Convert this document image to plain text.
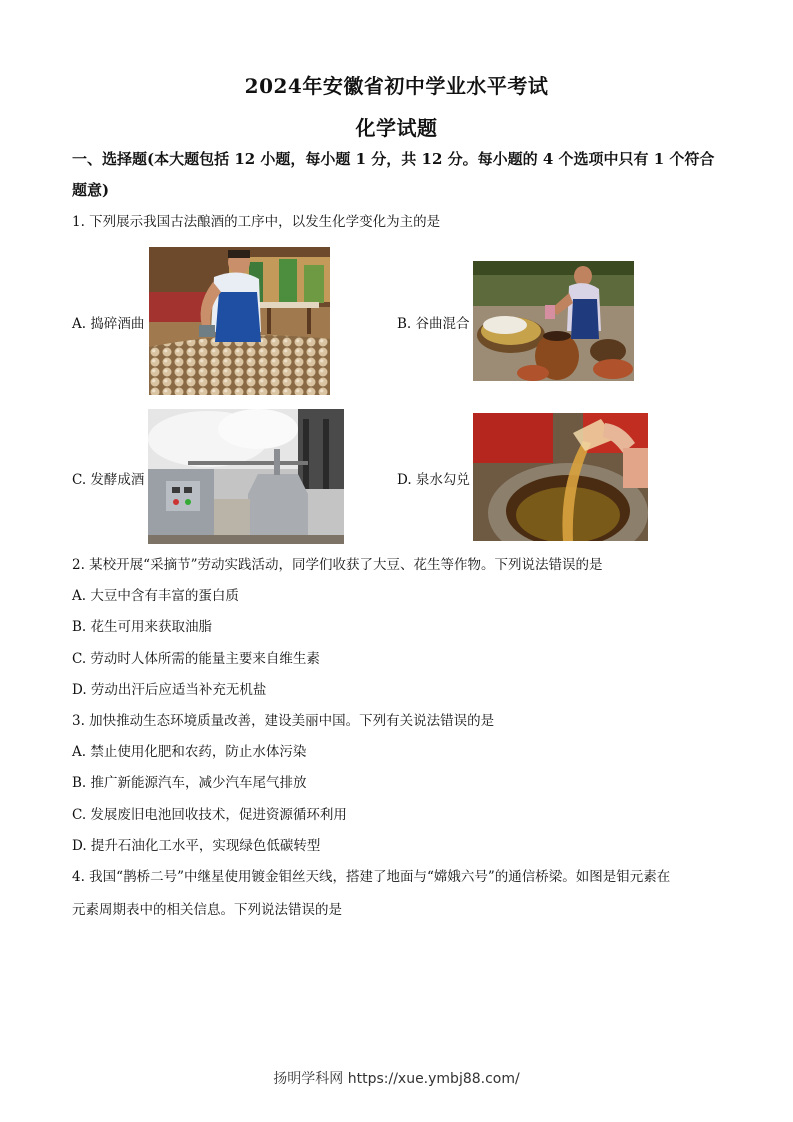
2024年安徽省初中学业水平考试
化学试题
一、选择题(本大题包括 12 小题，每小题 1 分，共 12 分。每小题的 4 个选项中只有 1 个符合
题意)
1. 下列展示我国古法酿酒的工序中，以发生化学变化为主的是
A. 捣碎酒曲	B. 谷曲混合
C. 发酵成酒	D. 泉水勾兑
2. 某校开展“采摘节”劳动实践活动，同学们收获了大豆、花生等作物。下列说法错误的是
A. 大豆中含有丰富的蛋白质
B. 花生可用来获取油脂
C. 劳动时人体所需的能量主要来自维生素
D. 劳动出汗后应适当补充无机盐
3. 加快推动生态环境质量改善，建设美丽中国。下列有关说法错误的是
A. 禁止使用化肥和农药，防止水体污染
B. 推广新能源汽车，减少汽车尾气排放
C. 发展废旧电池回收技术，促进资源循环利用
D. 提升石油化工水平，实现绿色低碳转型
4. 我国“鹊桥二号”中继星使用镀金钼丝天线，搭建了地面与“嫦娥六号”的通信桥梁。如图是钼元素在
元素周期表中的相关信息。下列说法错误的是
扬明学科网 https://xue.ymbj88.com/
